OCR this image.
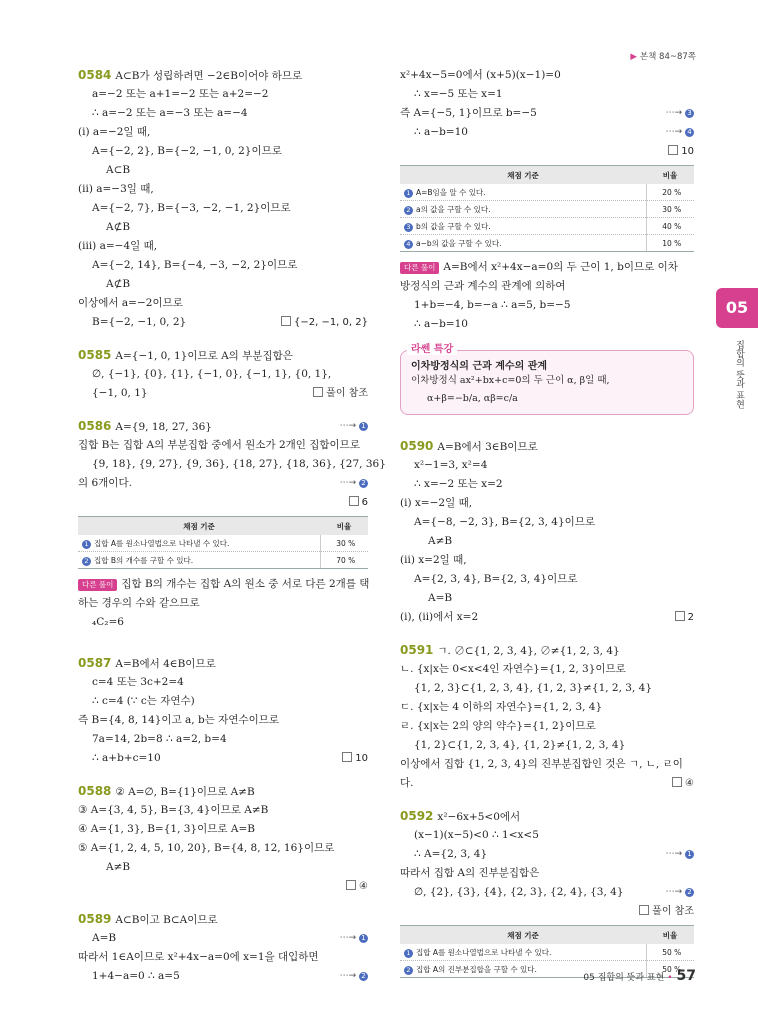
▶ 본책 84~87쪽
05
집합의 뜻과 표현
0584 A⊂B가 성립하려면 −2∈B이어야 하므로
a=−2 또는 a+1=−2 또는 a+2=−2
∴ a=−2 또는 a=−3 또는 a=−4
(ⅰ) a=−2일 때,
A={−2, 2}, B={−2, −1, 0, 2}이므로
A⊂B
(ⅱ) a=−3일 때,
A={−2, 7}, B={−3, −2, −1, 2}이므로
A⊄B
(ⅲ) a=−4일 때,
A={−2, 14}, B={−4, −3, −2, 2}이므로
A⊄B
이상에서 a=−2이므로
B={−2, −1, 0, 2}	{−2, −1, 0, 2}
0585 A={−1, 0, 1}이므로 A의 부분집합은
∅, {−1}, {0}, {1}, {−1, 0}, {−1, 1}, {0, 1},
{−1, 0, 1}	풀이 참조
0586 A={9, 18, 27, 36}	⋯→ 1
집합 B는 집합 A의 부분집합 중에서 원소가 2개인 집합이므로
{9, 18}, {9, 27}, {9, 36}, {18, 27}, {18, 36}, {27, 36}
의 6개이다.	⋯→ 2
6
채점 기준	비율
1 집합 A를 원소나열법으로 나타낼 수 있다.	30 %
2 집합 B의 개수를 구할 수 있다.	70 %
다른 풀이 집합 B의 개수는 집합 A의 원소 중 서로 다른 2개를 택
하는 경우의 수와 같으므로
₄C₂=6
0587 A=B에서 4∈B이므로
c=4 또는 3c+2=4
∴ c=4 (∵ c는 자연수)
즉 B={4, 8, 14}이고 a, b는 자연수이므로
7a=14, 2b=8 ∴ a=2, b=4
∴ a+b+c=10	10
0588 ② A=∅, B={1}이므로 A≠B
③ A={3, 4, 5}, B={3, 4}이므로 A≠B
④ A={1, 3}, B={1, 3}이므로 A=B
⑤ A={1, 2, 4, 5, 10, 20}, B={4, 8, 12, 16}이므로
A≠B
④
0589 A⊂B이고 B⊂A이므로
A=B	⋯→ 1
따라서 1∈A이므로 x²+4x−a=0에 x=1을 대입하면
1+4−a=0 ∴ a=5	⋯→ 2
x²+4x−5=0에서 (x+5)(x−1)=0
∴ x=−5 또는 x=1
즉 A={−5, 1}이므로 b=−5	⋯→ 3
∴ a−b=10	⋯→ 4
10
채점 기준	비율
1 A=B임을 알 수 있다.	20 %
2 a의 값을 구할 수 있다.	30 %
3 b의 값을 구할 수 있다.	40 %
4 a−b의 값을 구할 수 있다.	10 %
다른 풀이 A=B에서 x²+4x−a=0의 두 근이 1, b이므로 이차
방정식의 근과 계수의 관계에 의하여
1+b=−4, b=−a ∴ a=5, b=−5
∴ a−b=10
라쎈 특강
이차방정식의 근과 계수의 관계
이차방정식 ax²+bx+c=0의 두 근이 α, β일 때,
α+β=−b/a, αβ=c/a
0590 A=B에서 3∈B이므로
x²−1=3, x²=4
∴ x=−2 또는 x=2
(ⅰ) x=−2일 때,
A={−8, −2, 3}, B={2, 3, 4}이므로
A≠B
(ⅱ) x=2일 때,
A={2, 3, 4}, B={2, 3, 4}이므로
A=B
(ⅰ), (ⅱ)에서 x=2	2
0591 ㄱ. ∅⊂{1, 2, 3, 4}, ∅≠{1, 2, 3, 4}
ㄴ. {x|x는 0<x<4인 자연수}={1, 2, 3}이므로
{1, 2, 3}⊂{1, 2, 3, 4}, {1, 2, 3}≠{1, 2, 3, 4}
ㄷ. {x|x는 4 이하의 자연수}={1, 2, 3, 4}
ㄹ. {x|x는 2의 양의 약수}={1, 2}이므로
{1, 2}⊂{1, 2, 3, 4}, {1, 2}≠{1, 2, 3, 4}
이상에서 집합 {1, 2, 3, 4}의 진부분집합인 것은 ㄱ, ㄴ, ㄹ이
다.	④
0592 x²−6x+5<0에서
(x−1)(x−5)<0 ∴ 1<x<5
∴ A={2, 3, 4}	⋯→ 1
따라서 집합 A의 진부분집합은
∅, {2}, {3}, {4}, {2, 3}, {2, 4}, {3, 4}	⋯→ 2
풀이 참조
채점 기준	비율
1 집합 A를 원소나열법으로 나타낼 수 있다.	50 %
2 집합 A의 진부분집합을 구할 수 있다.	50 %
05 집합의 뜻과 표현 • 57
